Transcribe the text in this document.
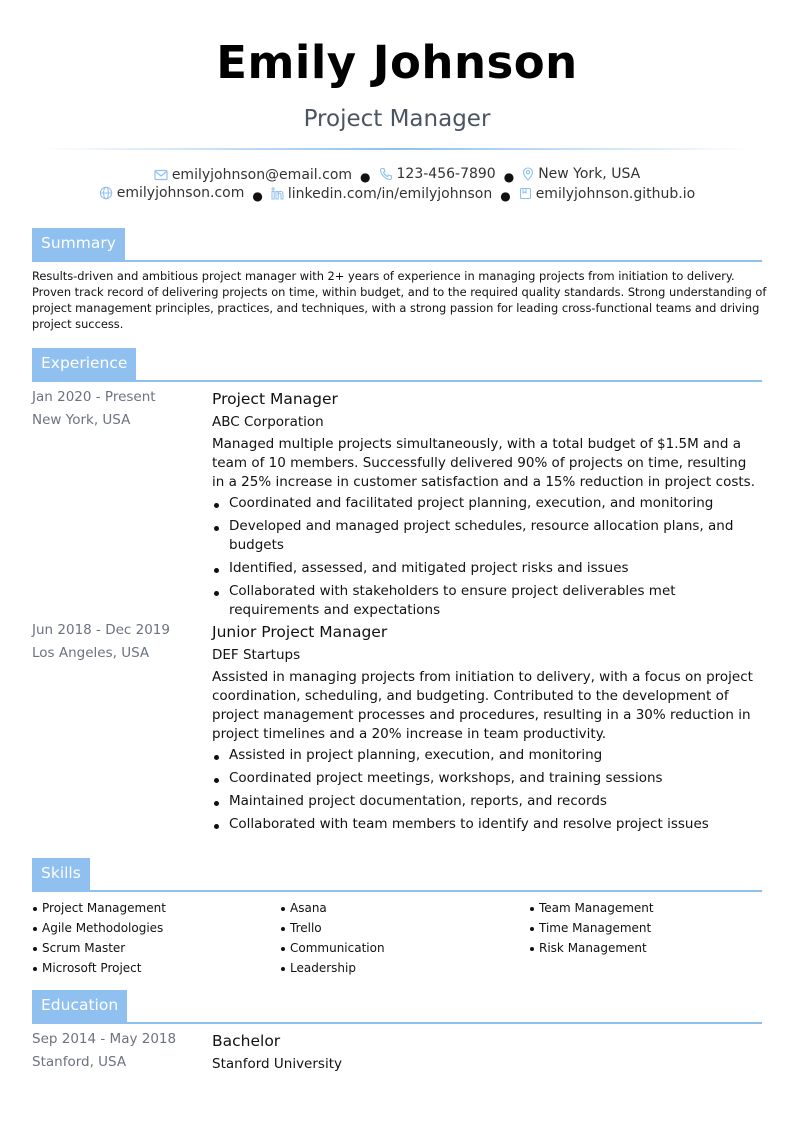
Emily Johnson
Project Manager
emilyjohnson@email.com ● 123-456-7890 ● New York, USA
emilyjohnson.com ● linkedin.com/in/emilyjohnson ● emilyjohnson.github.io
Summary
Results-driven and ambitious project manager with 2+ years of experience in managing projects from initiation to delivery. Proven track record of delivering projects on time, within budget, and to the required quality standards. Strong understanding of project management principles, practices, and techniques, with a strong passion for leading cross-functional teams and driving project success.
Experience
Jan 2020 - Present
New York, USA
Project Manager
ABC Corporation
Managed multiple projects simultaneously, with a total budget of $1.5M and a team of 10 members. Successfully delivered 90% of projects on time, resulting in a 25% increase in customer satisfaction and a 15% reduction in project costs.
Coordinated and facilitated project planning, execution, and monitoring
Developed and managed project schedules, resource allocation plans, and budgets
Identified, assessed, and mitigated project risks and issues
Collaborated with stakeholders to ensure project deliverables met requirements and expectations
Jun 2018 - Dec 2019
Los Angeles, USA
Junior Project Manager
DEF Startups
Assisted in managing projects from initiation to delivery, with a focus on project coordination, scheduling, and budgeting. Contributed to the development of project management processes and procedures, resulting in a 30% reduction in project timelines and a 20% increase in team productivity.
Assisted in project planning, execution, and monitoring
Coordinated project meetings, workshops, and training sessions
Maintained project documentation, reports, and records
Collaborated with team members to identify and resolve project issues
Skills
Project Management
Agile Methodologies
Scrum Master
Microsoft Project
Asana
Trello
Communication
Leadership
Team Management
Time Management
Risk Management
Education
Sep 2014 - May 2018
Stanford, USA
Bachelor
Stanford University
